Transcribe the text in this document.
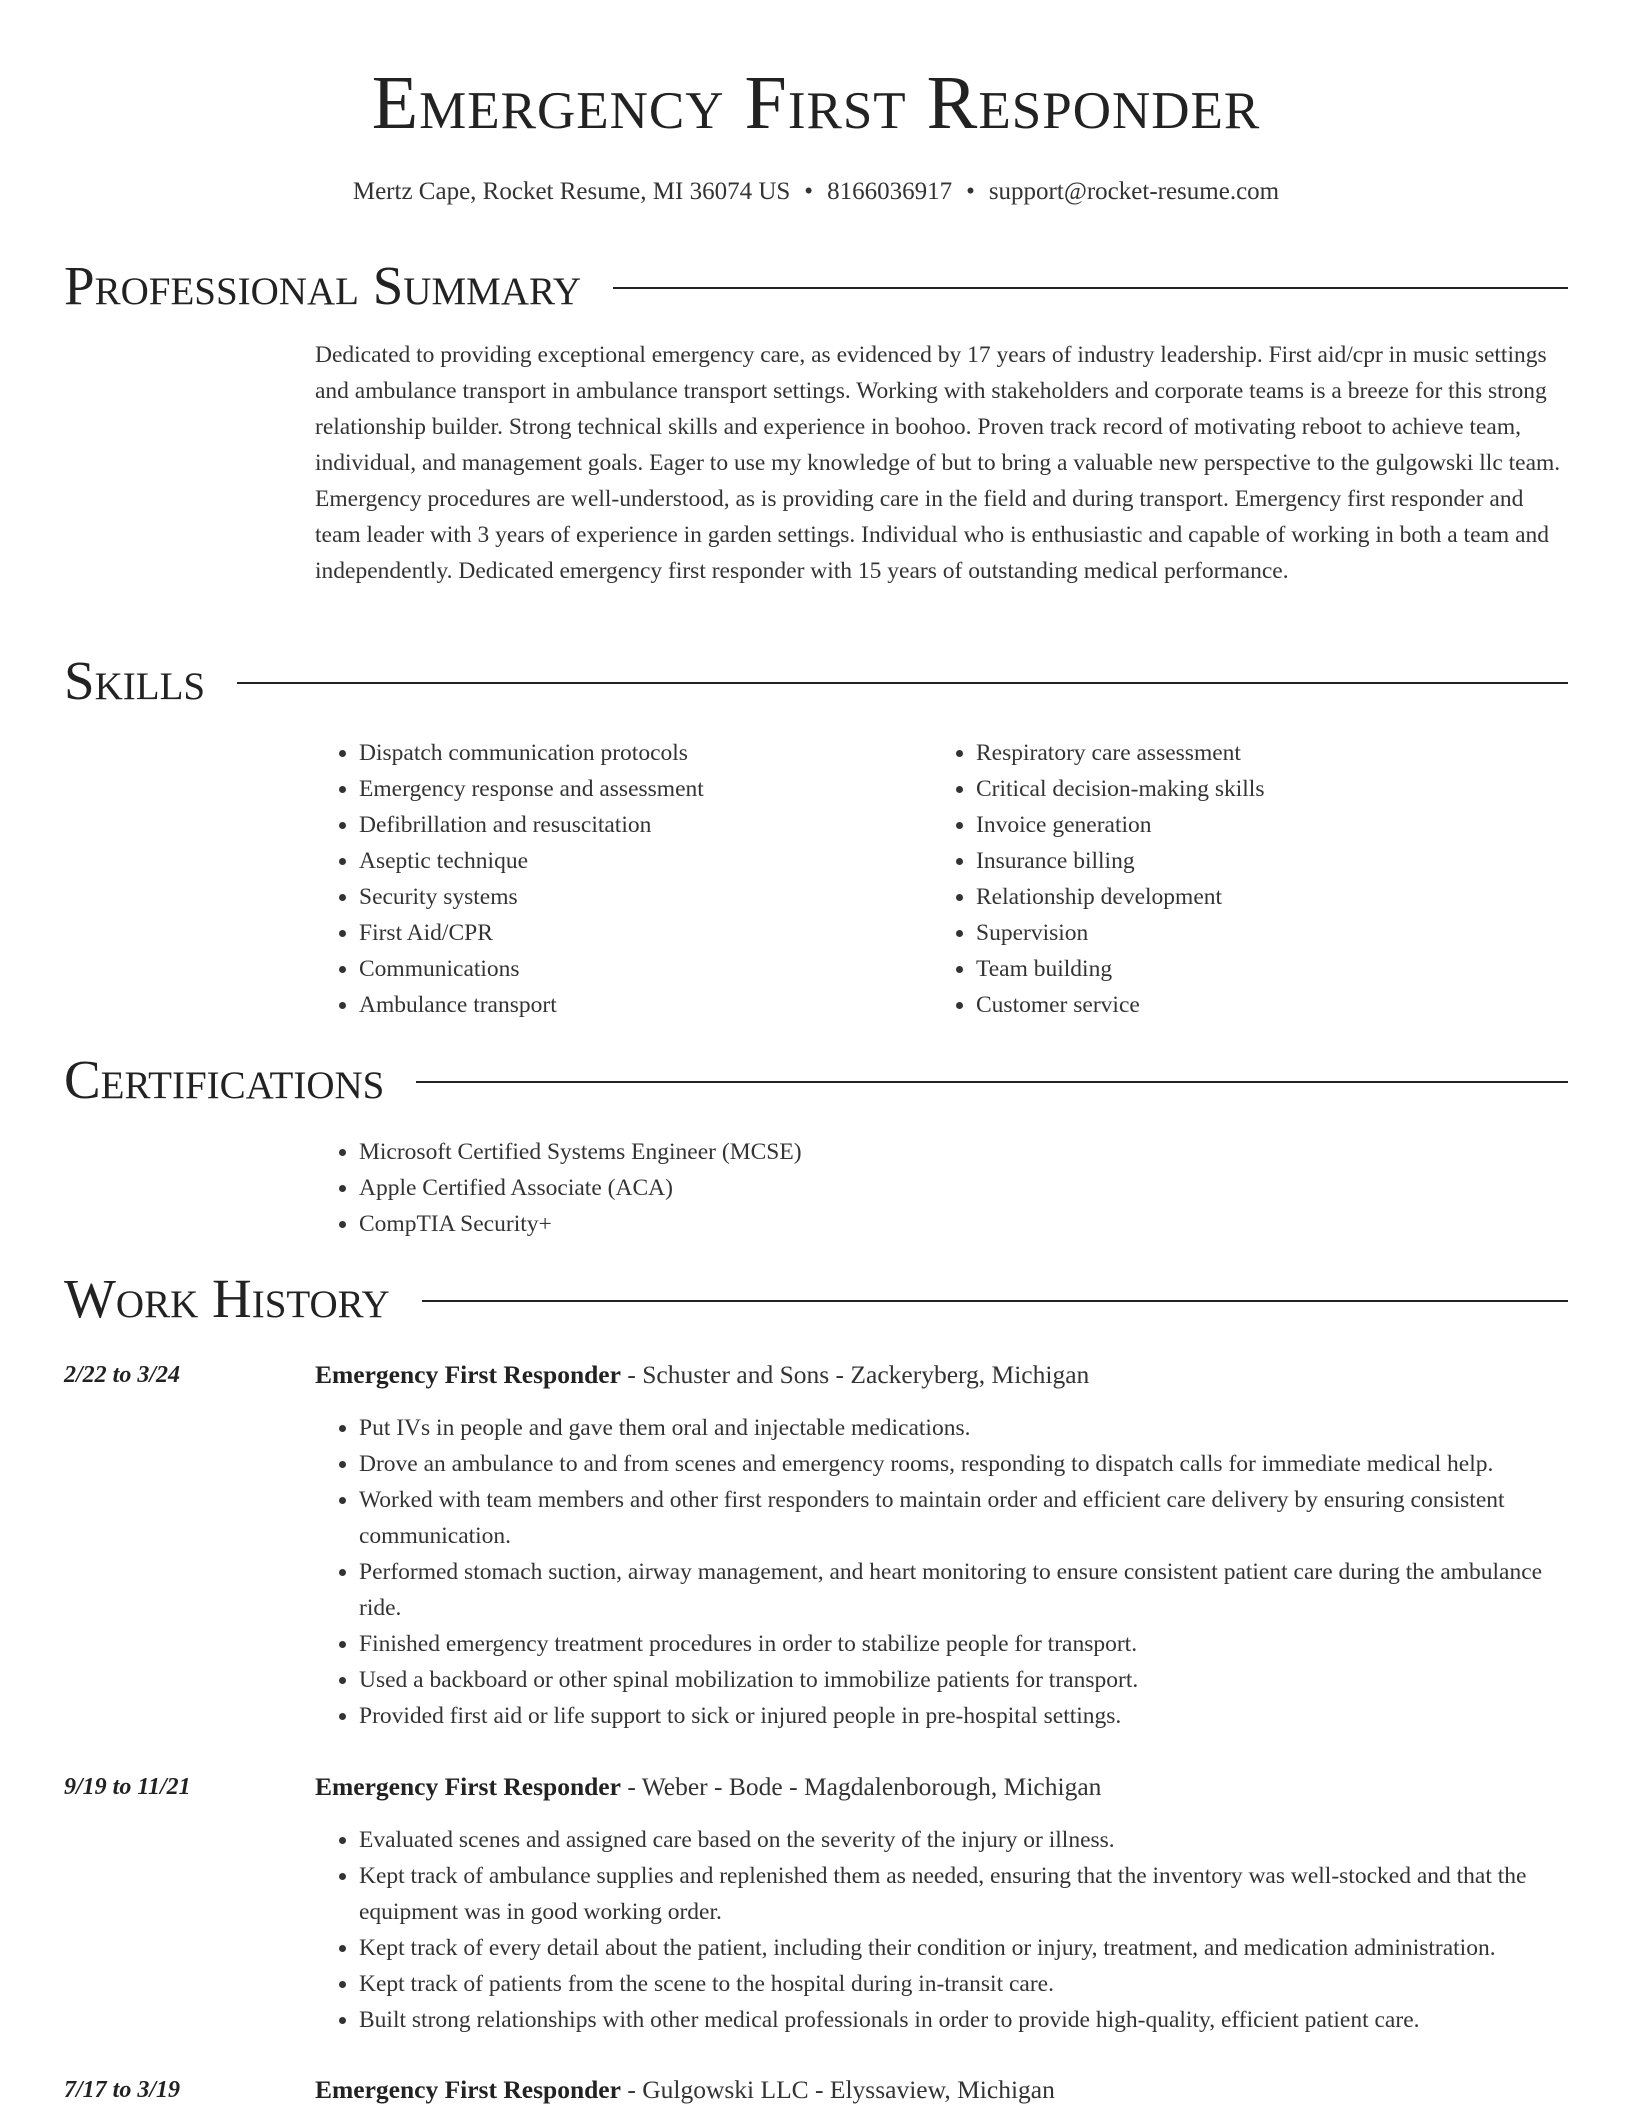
Emergency First Responder
Mertz Cape, Rocket Resume, MI 36074 US • 8166036917 • support@rocket-resume.com
Professional Summary

Dedicated to providing exceptional emergency care, as evidenced by 17 years of industry leadership. First aid/cpr in music settings and ambulance transport in ambulance transport settings. Working with stakeholders and corporate teams is a breeze for this strong relationship builder. Strong technical skills and experience in boohoo. Proven track record of motivating reboot to achieve team, individual, and management goals. Eager to use my knowledge of but to bring a valuable new perspective to the gulgowski llc team. Emergency procedures are well-understood, as is providing care in the field and during transport. Emergency first responder and team leader with 3 years of experience in garden settings. Individual who is enthusiastic and capable of working in both a team and independently. Dedicated emergency first responder with 15 years of outstanding medical performance.

Skills
• Dispatch communication protocols
• Emergency response and assessment
• Defibrillation and resuscitation
• Aseptic technique
• Security systems
• First Aid/CPR
• Communications
• Ambulance transport
• Respiratory care assessment
• Critical decision-making skills
• Invoice generation
• Insurance billing
• Relationship development
• Supervision
• Team building
• Customer service
Certifications
• Microsoft Certified Systems Engineer (MCSE)
• Apple Certified Associate (ACA)
• CompTIA Security+
Work History
2/22 to 3/24	Emergency First Responder - Schuster and Sons - Zackeryberg, Michigan
• Put IVs in people and gave them oral and injectable medications.
• Drove an ambulance to and from scenes and emergency rooms, responding to dispatch calls for immediate medical help.
• Worked with team members and other first responders to maintain order and efficient care delivery by ensuring consistent communication.
• Performed stomach suction, airway management, and heart monitoring to ensure consistent patient care during the ambulance ride.
• Finished emergency treatment procedures in order to stabilize people for transport.
• Used a backboard or other spinal mobilization to immobilize patients for transport.
• Provided first aid or life support to sick or injured people in pre-hospital settings.
9/19 to 11/21	Emergency First Responder - Weber - Bode - Magdalenborough, Michigan
• Evaluated scenes and assigned care based on the severity of the injury or illness.
• Kept track of ambulance supplies and replenished them as needed, ensuring that the inventory was well-stocked and that the equipment was in good working order.
• Kept track of every detail about the patient, including their condition or injury, treatment, and medication administration.
• Kept track of patients from the scene to the hospital during in-transit care.
• Built strong relationships with other medical professionals in order to provide high-quality, efficient patient care.
7/17 to 3/19	Emergency First Responder - Gulgowski LLC - Elyssaview, Michigan
